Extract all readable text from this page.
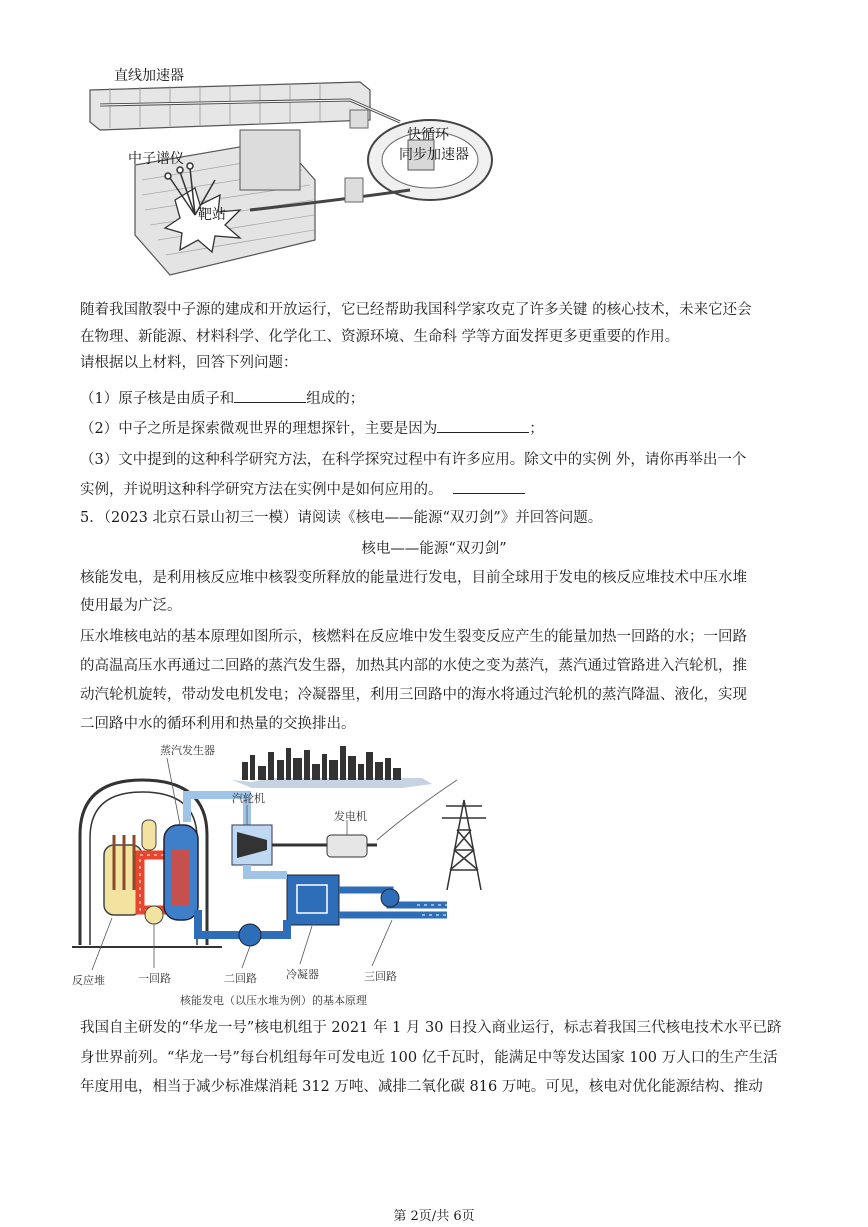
直线加速器
中子谱仪
靶站
快循环
同步加速器
随着我国散裂中子源的建成和开放运行，它已经帮助我国科学家攻克了许多关键 的核心技术，未来它还会
在物理、新能源、材料科学、化学化工、资源环境、生命科 学等方面发挥更多更重要的作用。
请根据以上材料，回答下列问题：
（1）原子核是由质子和	组成的；
（2）中子之所是探索微观世界的理想探针，主要是因为	；
（3）文中提到的这种科学研究方法，在科学探究过程中有许多应用。除文中的实例 外，请你再举出一个
实例，并说明这种科学研究方法在实例中是如何应用的。
5．（2023 北京石景山初三一模）请阅读《核电——能源“双刃剑”》并回答问题。
核电——能源“双刃剑”
核能发电，是利用核反应堆中核裂变所释放的能量进行发电，目前全球用于发电的核反应堆技术中压水堆
使用最为广泛。
压水堆核电站的基本原理如图所示，核燃料在反应堆中发生裂变反应产生的能量加热一回路的水；一回路
的高温高压水再通过二回路的蒸汽发生器，加热其内部的水使之变为蒸汽，蒸汽通过管路进入汽轮机，推
动汽轮机旋转，带动发电机发电；冷凝器里，利用三回路中的海水将通过汽轮机的蒸汽降温、液化，实现
二回路中水的循环利用和热量的交换排出。
蒸汽发生器
汽轮机
发电机
反应堆	一回路	二回路	冷凝器	三回路
核能发电（以压水堆为例）的基本原理
我国自主研发的“华龙一号”核电机组于 2021 年 1 月 30 日投入商业运行，标志着我国三代核电技术水平已跻
身世界前列。“华龙一号”每台机组每年可发电近 100 亿千瓦时，能满足中等发达国家 100 万人口的生产生活
年度用电，相当于减少标准煤消耗 312 万吨、减排二氧化碳 816 万吨。可见，核电对优化能源结构、推动
第 2页/共 6页
